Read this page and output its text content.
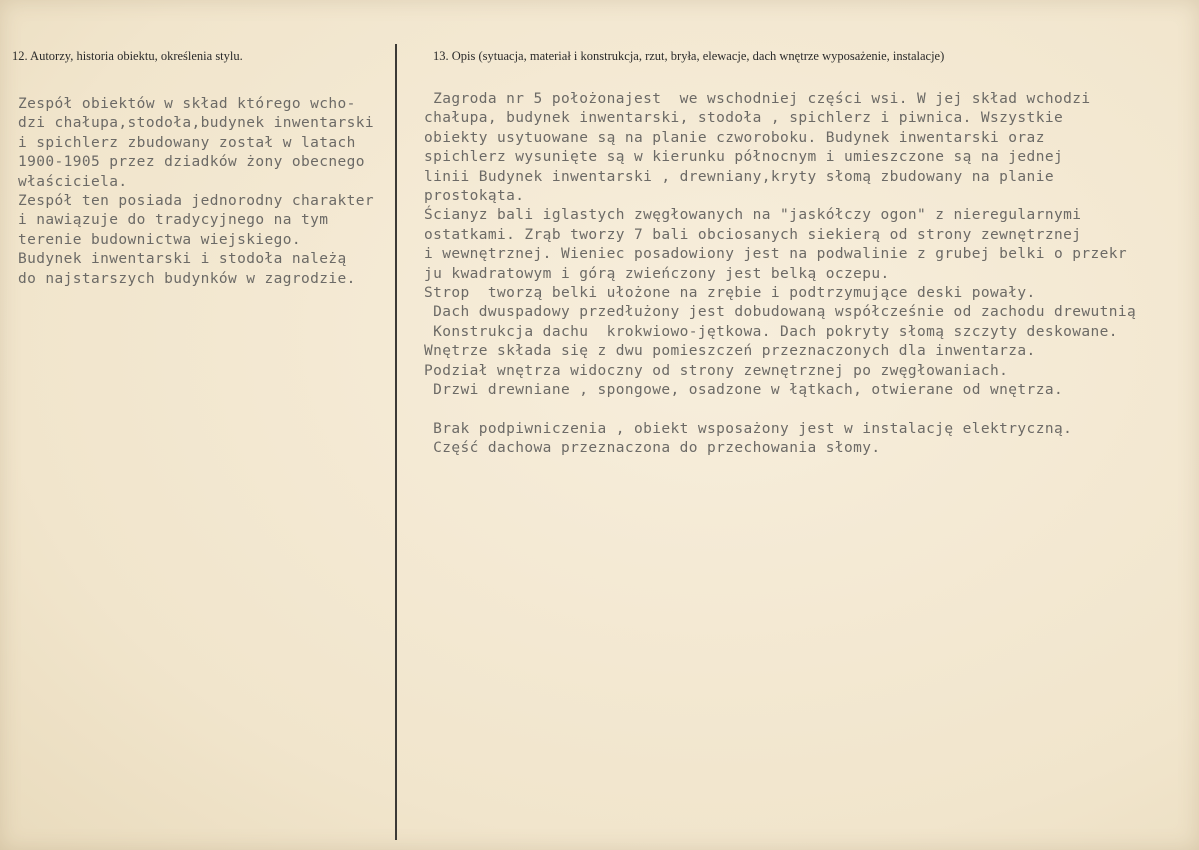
12. Autorzy, historia obiektu, określenia stylu.	13. Opis (sytuacja, materiał i konstrukcja, rzut, bryła, elewacje, dach wnętrze wyposażenie, instalacje)
Zespół obiektów w skład którego wcho-
dzi chałupa,stodoła,budynek inwentarski
i spichlerz zbudowany został w latach
1900-1905 przez dziadków żony obecnego
właściciela.
Zespół ten posiada jednorodny charakter
i nawiązuje do tradycyjnego na tym
terenie budownictwa wiejskiego.
Budynek inwentarski i stodoła należą
do najstarszych budynków w zagrodzie.
Zagroda nr 5 położonajest  we wschodniej części wsi. W jej skład wchodzi
chałupa, budynek inwentarski, stodoła , spichlerz i piwnica. Wszystkie
obiekty usytuowane są na planie czworoboku. Budynek inwentarski oraz
spichlerz wysunięte są w kierunku północnym i umieszczone są na jednej
linii Budynek inwentarski , drewniany,kryty słomą zbudowany na planie
prostokąta.
Ścianyz bali iglastych zwęgłowanych na "jaskółczy ogon" z nieregularnymi
ostatkami. Zrąb tworzy 7 bali obciosanych siekierą od strony zewnętrznej
i wewnętrznej. Wieniec posadowiony jest na podwalinie z grubej belki o przekr
ju kwadratowym i górą zwieńczony jest belką oczepu.
Strop  tworzą belki ułożone na zrębie i podtrzymujące deski powały.
Dach dwuspadowy przedłużony jest dobudowaną współcześnie od zachodu drewutnią
Konstrukcja dachu  krokwiowo-jętkowa. Dach pokryty słomą szczyty deskowane.
Wnętrze składa się z dwu pomieszczeń przeznaczonych dla inwentarza.
Podział wnętrza widoczny od strony zewnętrznej po zwęgłowaniach.
Drzwi drewniane , spongowe, osadzone w łątkach, otwierane od wnętrza.
Brak podpiwniczenia , obiekt wsposażony jest w instalację elektryczną.
Część dachowa przeznaczona do przechowania słomy.
